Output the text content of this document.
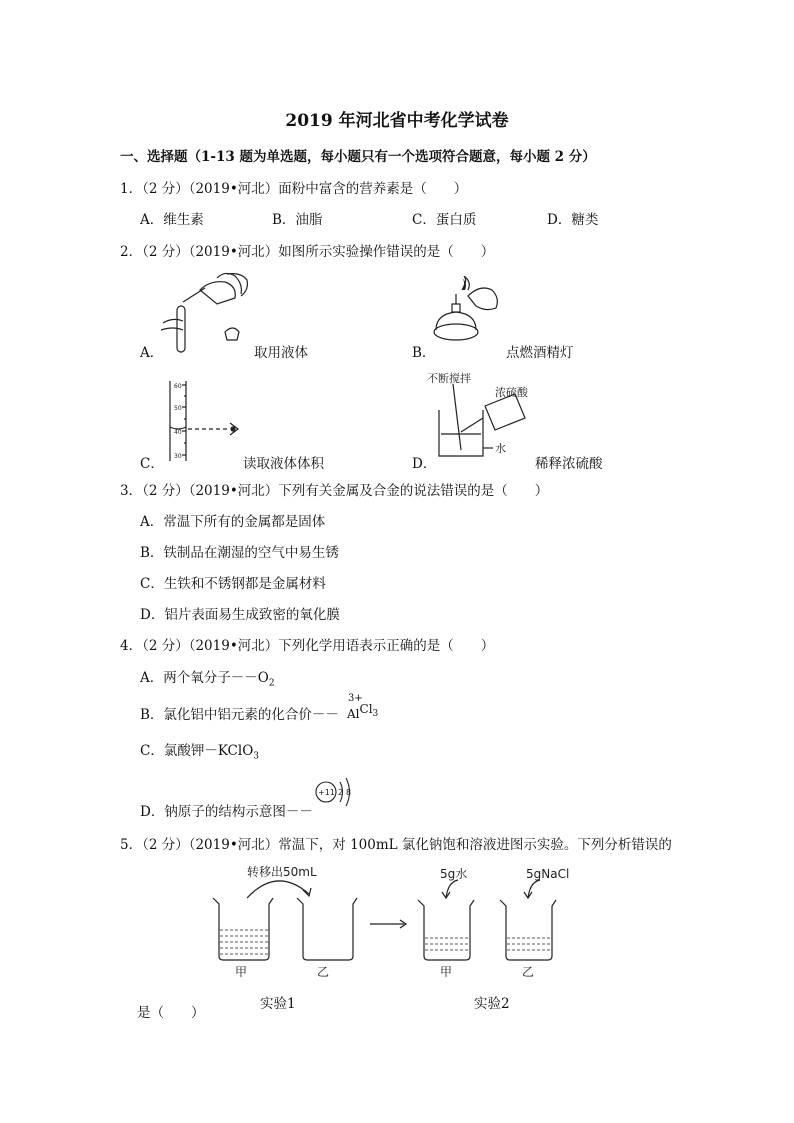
2019 年河北省中考化学试卷
一、选择题（1-13 题为单选题，每小题只有一个选项符合题意，每小题 2 分）
1．（2 分）（2019•河北）面粉中富含的营养素是（　　）
A．维生素	B．油脂	C．蛋白质	D．糖类
2．（2 分）（2019•河北）如图所示实验操作错误的是（　　）
A．	取用液体	B．	点燃酒精灯
60
50
40
30
C．	读取液体体积
不断搅拌
浓硫酸
水
D．	稀释浓硫酸
3．（2 分）（2019•河北）下列有关金属及合金的说法错误的是（　　）
A．常温下所有的金属都是固体
B．铁制品在潮湿的空气中易生锈
C．生铁和不锈钢都是金属材料
D．铝片表面易生成致密的氧化膜
4．（2 分）（2019•河北）下列化学用语表示正确的是（　　）
A．两个氧分子$--O_2$
B．氯化铝中铝元素的化合价－－
3+
AlCl$_3$
C．氯酸钾－KClO$_3$
D．钠原子的结构示意图－－
+11 2 8
5．（2 分）（2019•河北）常温下，对 100mL 氯化钠饱和溶液进图示实验。下列分析错误的
转移出50mL
甲	乙
5g水	5gNaCl
甲	乙
实验1	实验2
是（　　）
